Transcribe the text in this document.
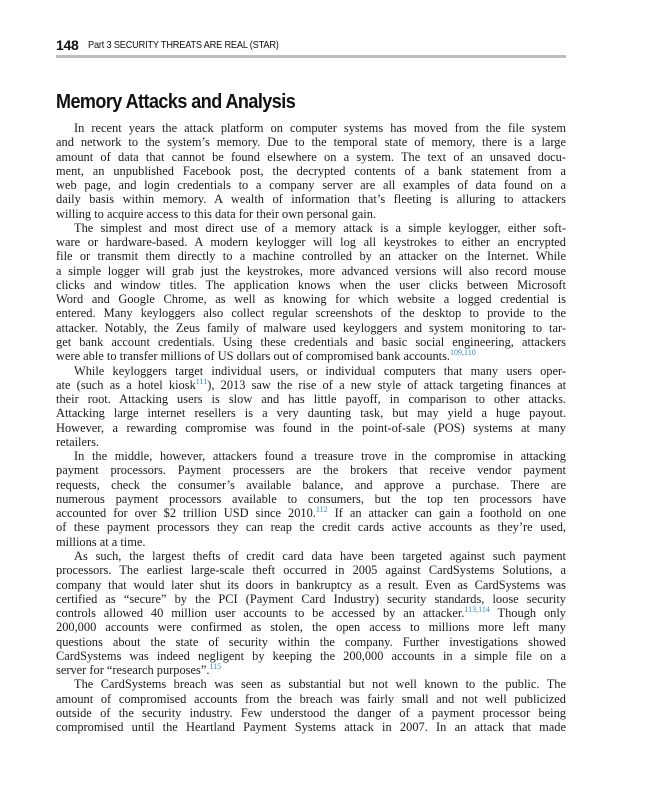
148 Part 3 SECURITY THREATS ARE REAL (STAR)
Memory Attacks and Analysis
In recent years the attack platform on computer systems has moved from the file system
and network to the system’s memory. Due to the temporal state of memory, there is a large
amount of data that cannot be found elsewhere on a system. The text of an unsaved docu-
ment, an unpublished Facebook post, the decrypted contents of a bank statement from a
web page, and login credentials to a company server are all examples of data found on a
daily basis within memory. A wealth of information that’s fleeting is alluring to attackers
willing to acquire access to this data for their own personal gain.
The simplest and most direct use of a memory attack is a simple keylogger, either soft-
ware or hardware-based. A modern keylogger will log all keystrokes to either an encrypted
file or transmit them directly to a machine controlled by an attacker on the Internet. While
a simple logger will grab just the keystrokes, more advanced versions will also record mouse
clicks and window titles. The application knows when the user clicks between Microsoft
Word and Google Chrome, as well as knowing for which website a logged credential is
entered. Many keyloggers also collect regular screenshots of the desktop to provide to the
attacker. Notably, the Zeus family of malware used keyloggers and system monitoring to tar-
get bank account credentials. Using these credentials and basic social engineering, attackers
were able to transfer millions of US dollars out of compromised bank accounts.$^{109,110}$
While keyloggers target individual users, or individual computers that many users oper-
ate (such as a hotel kiosk$^{111}$), 2013 saw the rise of a new style of attack targeting finances at
their root. Attacking users is slow and has little payoff, in comparison to other attacks.
Attacking large internet resellers is a very daunting task, but may yield a huge payout.
However, a rewarding compromise was found in the point-of-sale (POS) systems at many
retailers.
In the middle, however, attackers found a treasure trove in the compromise in attacking
payment processors. Payment processers are the brokers that receive vendor payment
requests, check the consumer’s available balance, and approve a purchase. There are
numerous payment processors available to consumers, but the top ten processors have
accounted for over $2 trillion USD since 2010.$^{112}$ If an attacker can gain a foothold on one
of these payment processors they can reap the credit cards active accounts as they’re used,
millions at a time.
As such, the largest thefts of credit card data have been targeted against such payment
processors. The earliest large-scale theft occurred in 2005 against CardSystems Solutions, a
company that would later shut its doors in bankruptcy as a result. Even as CardSystems was
certified as “secure” by the PCI (Payment Card Industry) security standards, loose security
controls allowed 40 million user accounts to be accessed by an attacker.$^{113,114}$ Though only
200,000 accounts were confirmed as stolen, the open access to millions more left many
questions about the state of security within the company. Further investigations showed
CardSystems was indeed negligent by keeping the 200,000 accounts in a simple file on a
server for “research purposes”.$^{115}$
The CardSystems breach was seen as substantial but not well known to the public. The
amount of compromised accounts from the breach was fairly small and not well publicized
outside of the security industry. Few understood the danger of a payment processor being
compromised until the Heartland Payment Systems attack in 2007. In an attack that made
